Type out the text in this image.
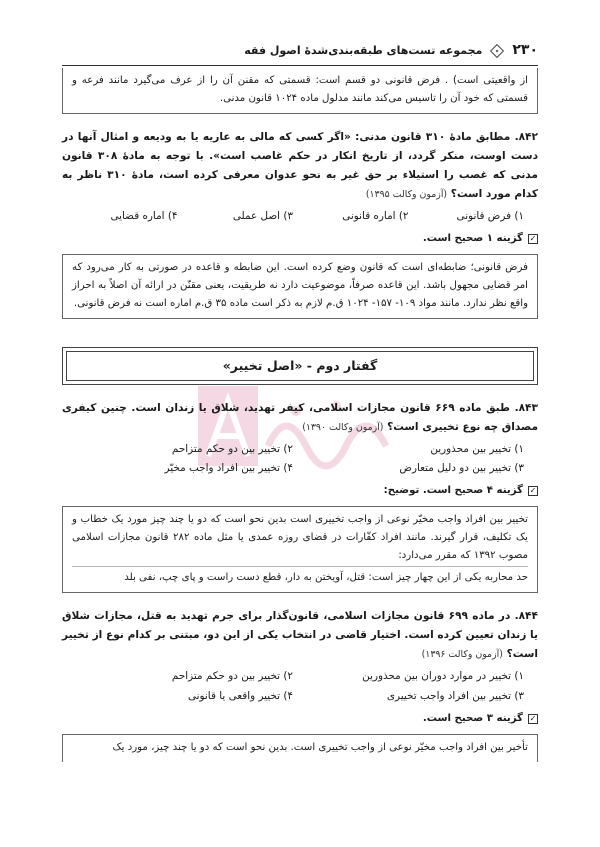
۲۳۰
مجموعه تست‌های طبقه‌بندی‌شدهٔ اصول فقه

از واقعیتی است) . فرض قانونی دو قسم است: قسمتی که مقنن آن را از عرف می‌گیرد مانند فرعه و قسمتی که خود آن را تاسیس می‌کند مانند مدلول ماده ۱۰۲۴ قانون مدنی.

۸۴۲. مطابق مادهٔ ۳۱۰ قانون مدنی: «اگر کسی که مالی به عاریه یا به ودیعه و امثال آنها در دست اوست، منکر گردد، از تاریخ انکار در حکم غاصب است». با توجه به مادهٔ ۳۰۸ قانون مدنی که غصب را استیلاء بر حق غیر به نحو عدوان معرفی کرده است، مادهٔ ۳۱۰ ناظر به کدام مورد است؟ (آزمون وکالت ۱۳۹۵)

۱) فرض قانونی
۲) اماره قانونی
۳) اصل عملی
۴) اماره قضایی
✓
گزینه ۱ صحیح است.

فرض قانونی؛ ضابطه‌ای است که قانون وضع کرده است. این ضابطه و قاعده در صورتی به کار می‌رود که امر قضایی مجهول باشد. این قاعده صرفاً، موضوعیت دارد نه طریقیت، یعنی مقنّن در ارائه آن اصلاً به احراز واقع نظر ندارد. مانند مواد ۱۰۹- ۱۵۷- ۱۰۲۴ ق.م لازم به ذکر است ماده ۳۵ ق.م اماره است نه فرض قانونی.

گفتار دوم - «اصل تخییر»

۸۴۳. طبق ماده ۶۶۹ قانون مجازات اسلامی، کیفر تهدید، شلاق یا زندان است. چنین کیفری مصداق چه نوع تخییری است؟ (آزمون وکالت ۱۳۹۰)

۱) تخییر بین محذورین
۲) تخییر بین دو حکم متزاحم
۳) تخییر بین دو دلیل متعارض
۴) تخییر بین افراد واجب مخیّر
✓
گزینه ۴ صحیح است. توضیح:

تخییر بین افراد واجب مخیّر نوعی از واجب تخییری است بدین نحو است که دو یا چند چیز مورد یک خطاب و یک تکلیف، قرار گیرند. مانند افراد کفّارات در قضای روزه عمدی یا مثل ماده ۲۸۲ قانون مجازات اسلامی مصوب ۱۳۹۲ که مقرر می‌دارد:

حد محاربه یکی از این چهار چیز است: قتل، آویختن به دار، قطع دست راست و پای چپ، نفی بلد

۸۴۴. در ماده ۶۹۹ قانون مجازات اسلامی، قانون‌گذار برای جرم تهدید به قتل، مجازات شلاق یا زندان تعیین کرده است. اختیار قاضی در انتخاب یکی از این دو، مبتنی بر کدام نوع از تخییر است؟ (آزمون وکالت ۱۳۹۶)

۱) تخییر در موارد دوران بین محذورین
۲) تخییر بین دو حکم متزاحم
۳) تخییر بین افراد واجب تخییری
۴) تخییر واقعی یا قانونی
✓
گزینه ۳ صحیح است.

تأخیر بین افراد واجب مخیّر نوعی از واجب تخییری است. بدین نحو است که دو یا چند چیز، مورد یک
